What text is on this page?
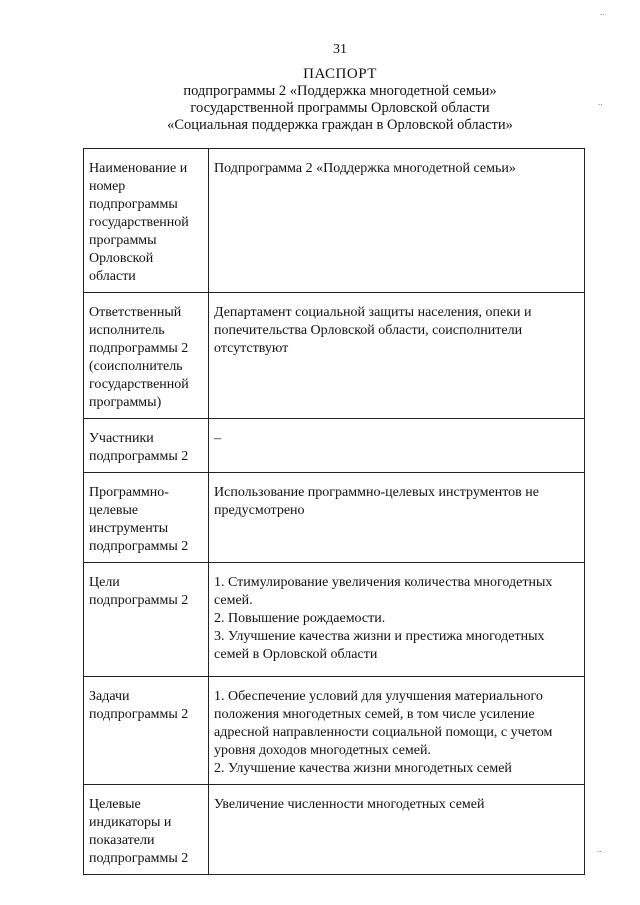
31
ПАСПОРТ
подпрограммы 2 «Поддержка многодетной семьи»
государственной программы Орловской области
«Социальная поддержка граждан в Орловской области»
Наименование и номер подпрограммы государственной программы Орловской области	Подпрограмма 2 «Поддержка многодетной семьи»

Ответственный исполнитель подпрограммы 2 (соисполнитель государственной программы)	Департамент социальной защиты населения, опеки и попечительства Орловской области, соисполнители отсутствуют

Участники подпрограммы 2	–

Программно-целевые инструменты подпрограммы 2	Использование программно-целевых инструментов не предусмотрено

Цели подпрограммы 2	1. Стимулирование увеличения количества многодетных семей.
2. Повышение рождаемости.
3. Улучшение качества жизни и престижа многодетных семей в Орловской области

Задачи подпрограммы 2	1. Обеспечение условий для улучшения материального положения многодетных семей, в том числе усиление адресной направленности социальной помощи, с учетом уровня доходов многодетных семей.
2. Улучшение качества жизни многодетных семей

Целевые индикаторы и показатели подпрограммы 2	Увеличение численности многодетных семей
..
..
..
